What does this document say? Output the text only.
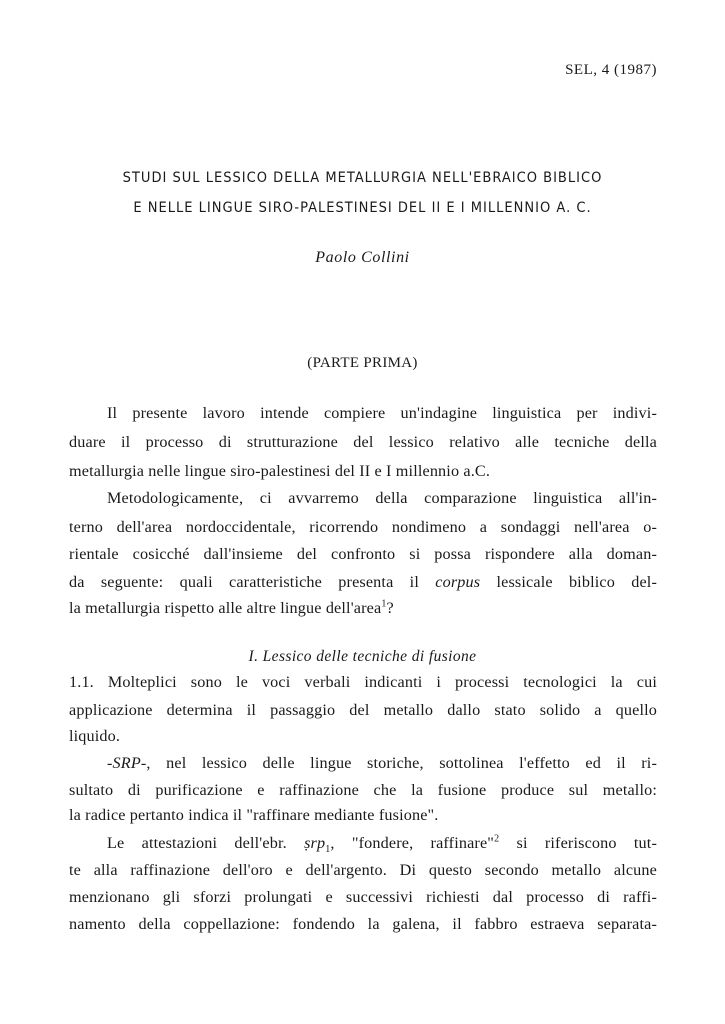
SEL, 4 (1987)
STUDI SUL LESSICO DELLA METALLURGIA NELL'EBRAICO BIBLICO
E NELLE LINGUE SIRO-PALESTINESI DEL II E I MILLENNIO A. C.
Paolo Collini
(PARTE PRIMA)
Il presente lavoro intende compiere un'indagine linguistica per indivi-
duare il processo di strutturazione del lessico relativo alle tecniche della
metallurgia nelle lingue siro-palestinesi del II e I millennio a.C.
Metodologicamente, ci avvarremo della comparazione linguistica all'in-
terno dell'area nordoccidentale, ricorrendo nondimeno a sondaggi nell'area o-
rientale cosicché dall'insieme del confronto si possa rispondere alla doman-
da seguente: quali caratteristiche presenta il corpus lessicale biblico del-
la metallurgia rispetto alle altre lingue dell'area$^1$?
I. Lessico delle tecniche di fusione
1.1. Molteplici sono le voci verbali indicanti i processi tecnologici la cui
applicazione determina il passaggio del metallo dallo stato solido a quello
liquido.
-SRP-, nel lessico delle lingue storiche, sottolinea l'effetto ed il ri-
sultato di purificazione e raffinazione che la fusione produce sul metallo:
la radice pertanto indica il "raffinare mediante fusione".
Le attestazioni dell'ebr. ṣrp$_1$, "fondere, raffinare"$^2$ si riferiscono tut-
te alla raffinazione dell'oro e dell'argento. Di questo secondo metallo alcune
menzionano gli sforzi prolungati e successivi richiesti dal processo di raffi-
namento della coppellazione: fondendo la galena, il fabbro estraeva separata-
